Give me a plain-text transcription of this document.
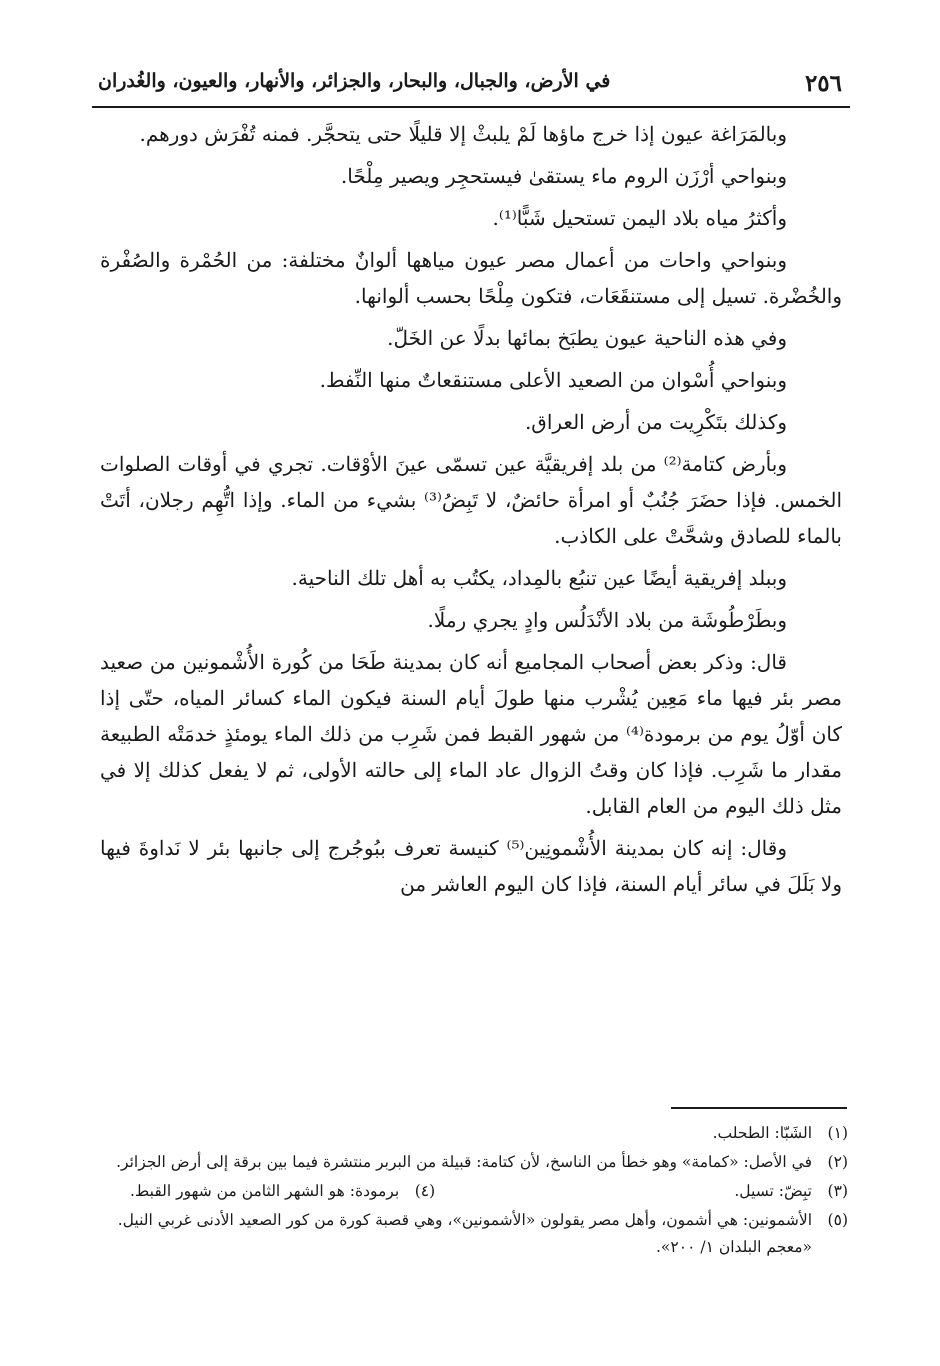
٢٥٦
في الأرض، والجبال، والبحار، والجزائر، والأنهار، والعيون، والغُدران

وبالمَرَاغة عيون إذا خرج ماؤها لَمْ يلبثْ إلا قليلًا حتى يتحجَّر. فمنه تُفْرَش دورهم.

وبنواحي أرْزَن الروم ماء يستقىٰ فيستحجِر ويصير مِلْحًا.

وأكثرُ مياه بلاد اليمن تستحيل شَبًّا⁽¹⁾.

وبنواحي واحات من أعمال مصر عيون مياهها ألوانٌ مختلفة: من الحُمْرة والصُفْرة والخُضْرة. تسيل إلى مستنقَعَات، فتكون مِلْحًا بحسب ألوانها.

وفي هذه الناحية عيون يطبَخ بمائها بدلًا عن الخَلّ.

وبنواحي أُسْوان من الصعيد الأعلى مستنقعاتٌ منها النِّفط.

وكذلك بتَكْرِيت من أرض العراق.

وبأرض كتامة⁽²⁾ من بلد إفريقيَّة عين تسمّى عينَ الأوْقات. تجري في أوقات الصلوات الخمس. فإذا حضَرَ جُنُبٌ أو امرأة حائضٌ، لا تَبِضُ⁽³⁾ بشيء من الماء. وإذا اتُّهِم رجلان، أتَتْ بالماء للصادق وشحَّتْ على الكاذب.

وببلد إفريقية أيضًا عين تنبُع بالمِداد، يكتُب به أهل تلك الناحية.

وبطَرْطُوشَة من بلاد الأنْدَلُس وادٍ يجري رملًا.

قال: وذكر بعض أصحاب المجاميع أنه كان بمدينة طَحَا من كُورة الأُشْمونين من صعيد مصر بئر فيها ماء مَعِين يُشْرب منها طولَ أيام السنة فيكون الماء كسائر المياه، حتّى إذا كان أوّلُ يوم من برمودة⁽⁴⁾ من شهور القبط فمن شَرِب من ذلك الماء يومئذٍ خدمَتْه الطبيعة مقدار ما شَرِب. فإذا كان وقتُ الزوال عاد الماء إلى حالته الأولى، ثم لا يفعل كذلك إلا في مثل ذلك اليوم من العام القابل.

وقال: إنه كان بمدينة الأُشْمونِين⁽⁵⁾ كنيسة تعرف ببُوجُرج إلى جانبها بئر لا نَداوةَ فيها ولا بَلَلَ في سائر أيام السنة، فإذا كان اليوم العاشر من

(١)
الشَبّا: الطحلب.
(٢)
في الأصل: «كمامة» وهو خطأ من الناسخ، لأن كتامة: قبيلة من البربر منتشرة فيما بين برقة إلى أرض الجزائر.
(٣)
تبِضّ: تسيل.
(٤)
برمودة: هو الشهر الثامن من شهور القبط.
(٥)
الأشمونين: هي أشمون، وأهل مصر يقولون «الأشمونين»، وهي قصبة كورة من كور الصعيد الأدنى غربي النيل. «معجم البلدان ١/ ٢٠٠».
